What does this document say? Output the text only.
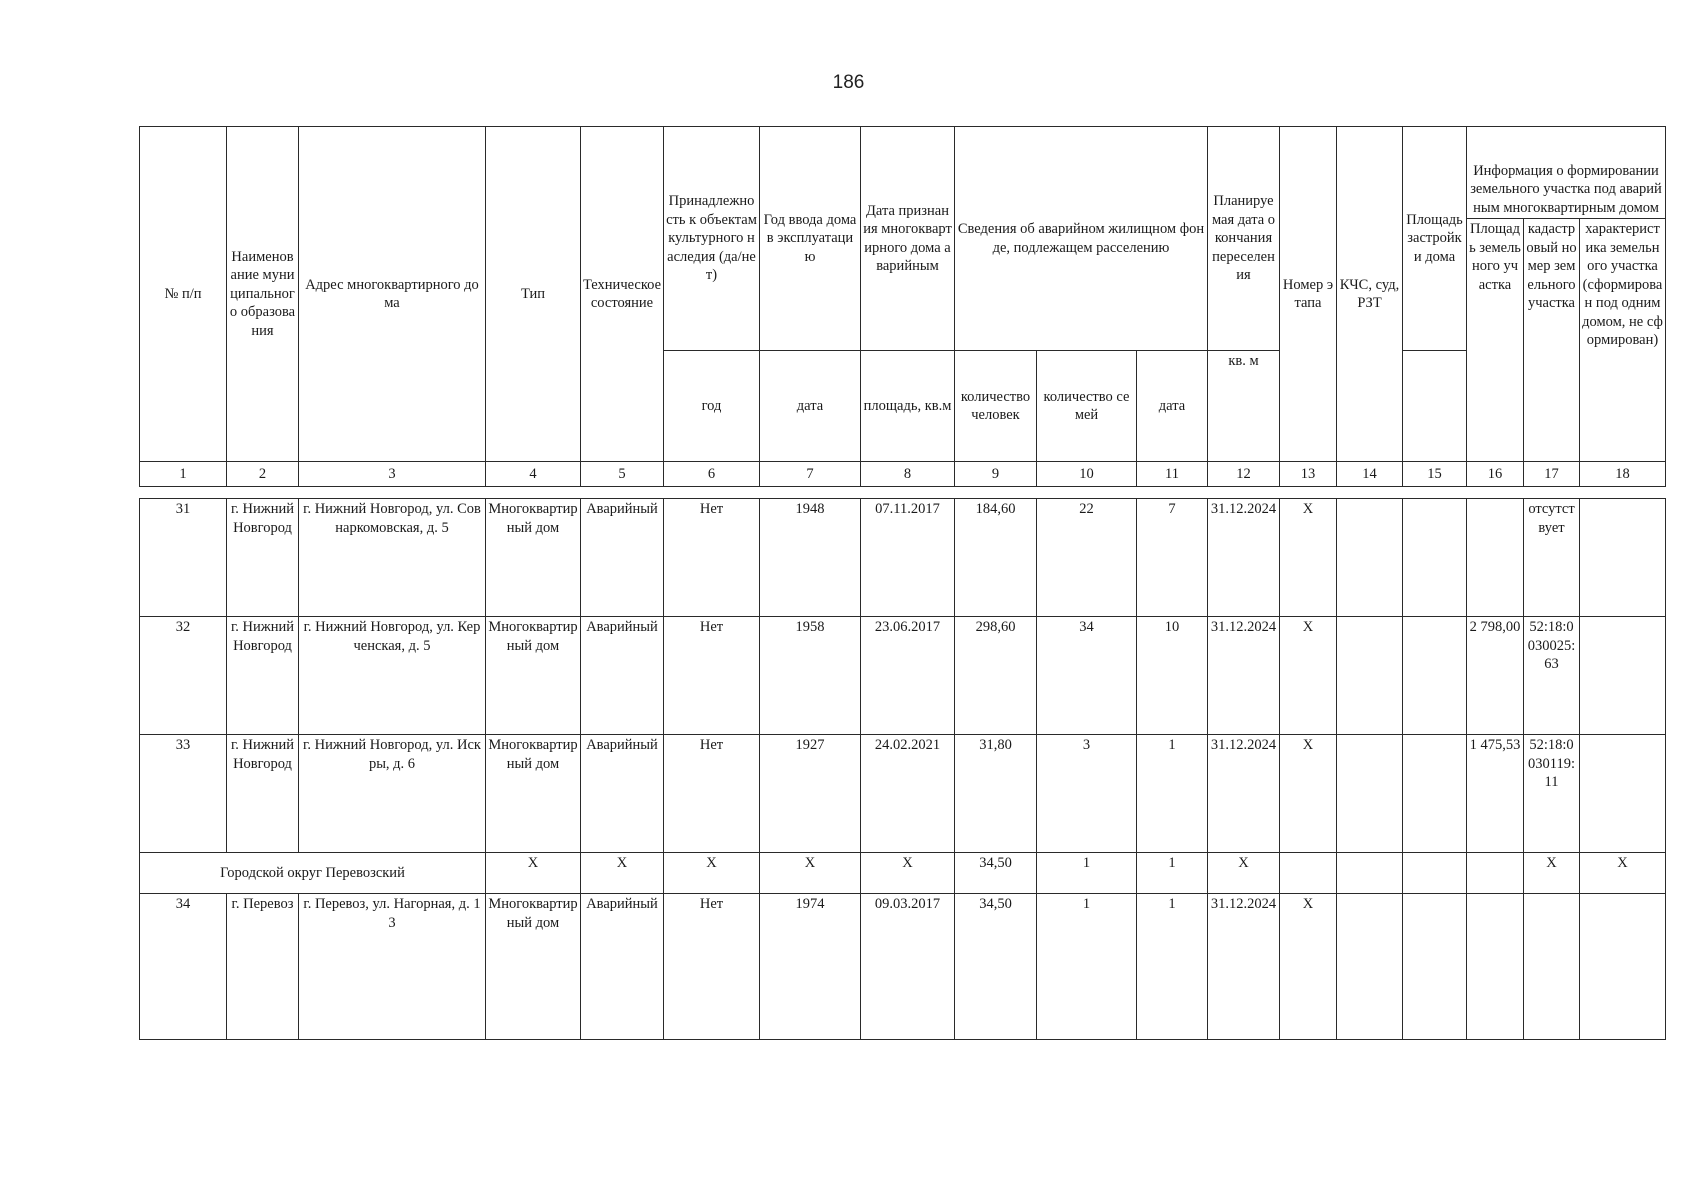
186
№ п/п	Наименование муниципального образования	Адрес многоквартирного дома	Тип	Техническое состояние	Принадлежность к объектам культурного наследия (да/нет)	Год ввода дома в эксплуатацию	Дата признания многоквартирного дома аварийным	Сведения об аварийном жилищном фонде, подлежащем расселению			Планируемая дата окончания переселения	Номер этапа	КЧС, суд, РЗТ	Площадь застройки дома	Информация о формировании земельного участка под аварийным многоквартирным домом		
															Площадь земельного участка	кадастровый номер земельного участка	характеристика земельного участка (сформирован под одним домом, не сформирован)
					год	дата	площадь, кв.м	количество человек	количество семей	дата	кв. м						
1	2	3	4	5	6	7	8	9	10	11	12	13	14	15	16	17	18

31	г. Нижний Новгород	г. Нижний Новгород, ул. Совнаркомовская, д. 5	Многоквартирный дом	Аварийный	Нет	1948	07.11.2017	184,60	22	7	31.12.2024	Х				отсутствует	
32	г. Нижний Новгород	г. Нижний Новгород, ул. Керченская, д. 5	Многоквартирный дом	Аварийный	Нет	1958	23.06.2017	298,60	34	10	31.12.2024	Х			2 798,00	52:18:0030025:63	
33	г. Нижний Новгород	г. Нижний Новгород, ул. Искры, д. 6	Многоквартирный дом	Аварийный	Нет	1927	24.02.2021	31,80	3	1	31.12.2024	Х			1 475,53	52:18:0030119:11	
Городской округ Перевозский			Х	Х	Х	Х	Х	34,50	1	1	Х					Х	Х
34	г. Перевоз	г. Перевоз, ул. Нагорная, д. 13	Многоквартирный дом	Аварийный	Нет	1974	09.03.2017	34,50	1	1	31.12.2024	Х					
